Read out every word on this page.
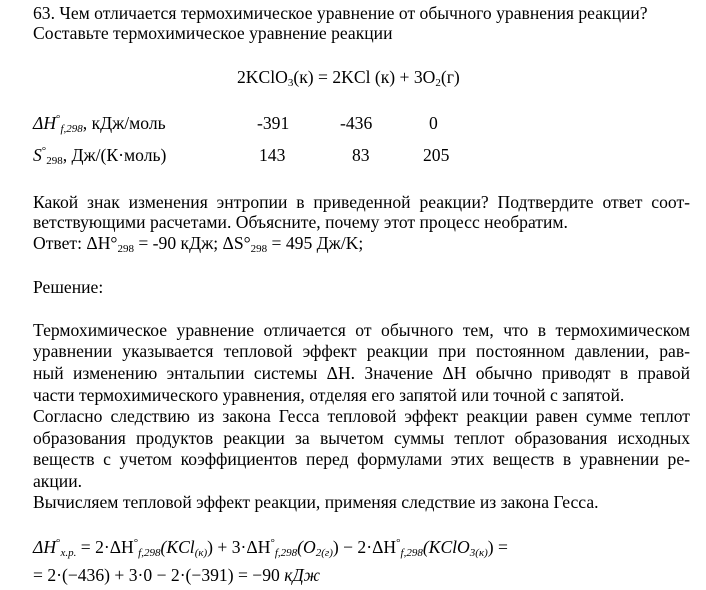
63. Чем отличается термохимическое уравнение от обычного уравнения реакции?
Составьте термохимическое уравнение реакции
2KClO$_3$(к) = 2KCl $(к) + 3O_2(г)$
$\Delta H^\circ_{f,298}$, кДж/моль	-391	-436	0
$S^\circ_{298}$, Дж/(К·моль)	143	83	205
Какой знак изменения энтропии в приведенной реакции? Подтвердите ответ соот-
ветствующими расчетами. Объясните, почему этот процесс необратим.
Ответ: $\Delta H^\circ_{298} = -90$ кДж; $\Delta S^\circ_{298} = 495$ Дж/K;
Решение:
Термохимическое уравнение отличается от обычного тем, что в термохимическом
уравнении указывается тепловой эффект реакции при постоянном давлении, рав-
ный изменению энтальпии системы ΔH. Значение ΔH обычно приводят в правой
части термохимического уравнения, отделяя его запятой или точной с запятой.
Согласно следствию из закона Гесса тепловой эффект реакции равен сумме теплот
образования продуктов реакции за вычетом суммы теплот образования исходных
веществ с учетом коэффициентов перед формулами этих веществ в уравнении ре-
акции.
Вычисляем тепловой эффект реакции, применяя следствие из закона Гесса.
$\Delta H^\circ_{x.p.} = 2\cdot\Delta H^\circ_{f,298}(KCl_{(к)}) + 3\cdot\Delta H^\circ_{f,298}(O_{2(г)})$ − $2\cdot\Delta H^\circ_{f,298}(KClO_{3(к)})$ =
= 2·(−436) + 3·0 − 2·(−391) = −90 кДж
